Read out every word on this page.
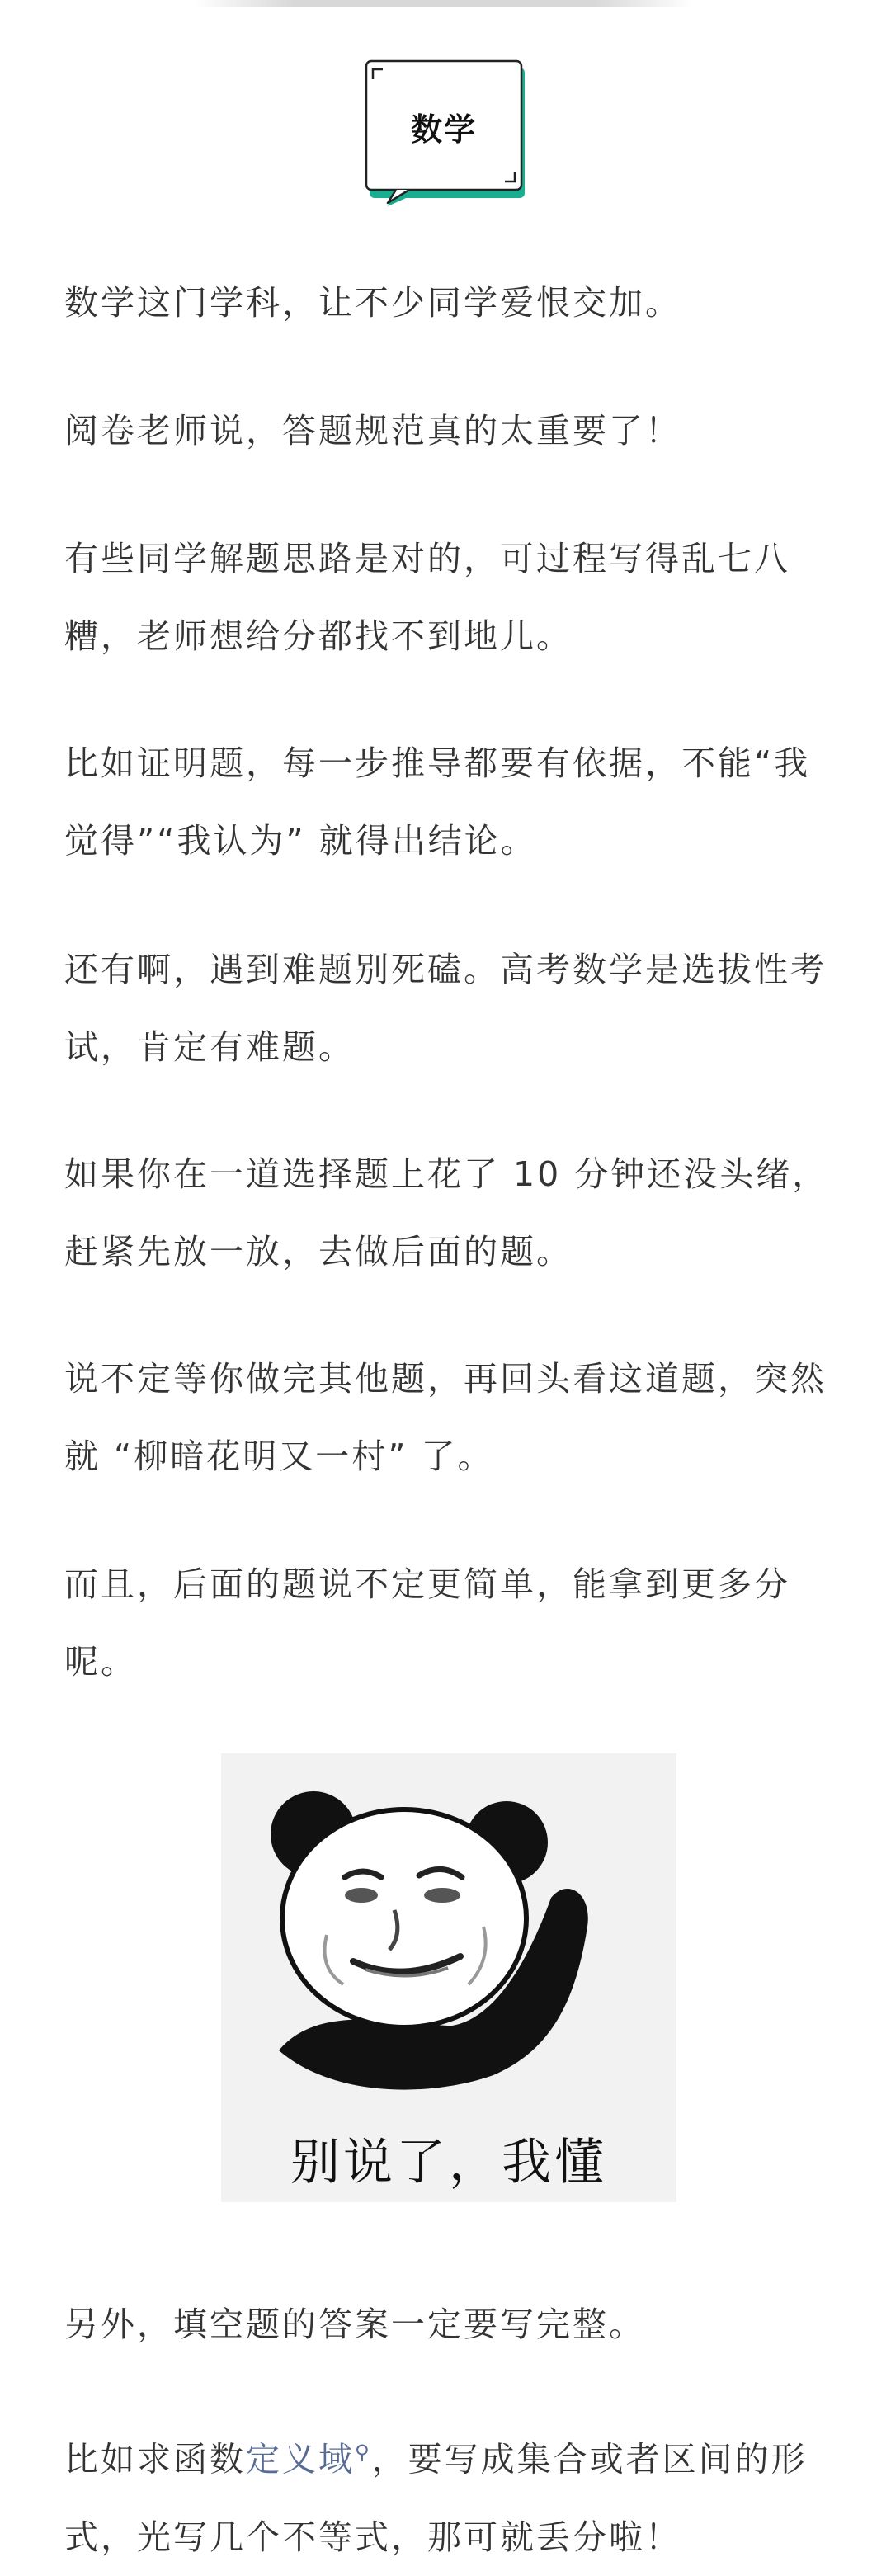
数学

数学这门学科，让不少同学爱恨交加。

阅卷老师说，答题规范真的太重要了！

有些同学解题思路是对的，可过程写得乱七八糟，老师想给分都找不到地儿。

比如证明题，每一步推导都要有依据，不能“我觉得”“我认为” 就得出结论。

还有啊，遇到难题别死磕。高考数学是选拔性考试，肯定有难题。

如果你在一道选择题上花了 10 分钟还没头绪，赶紧先放一放，去做后面的题。

说不定等你做完其他题，再回头看这道题，突然就 “柳暗花明又一村” 了。

而且，后面的题说不定更简单，能拿到更多分呢。

别说了，我懂

另外，填空题的答案一定要写完整。

比如求函数定义域⚲，要写成集合或者区间的形式，光写几个不等式，那可就丢分啦！
